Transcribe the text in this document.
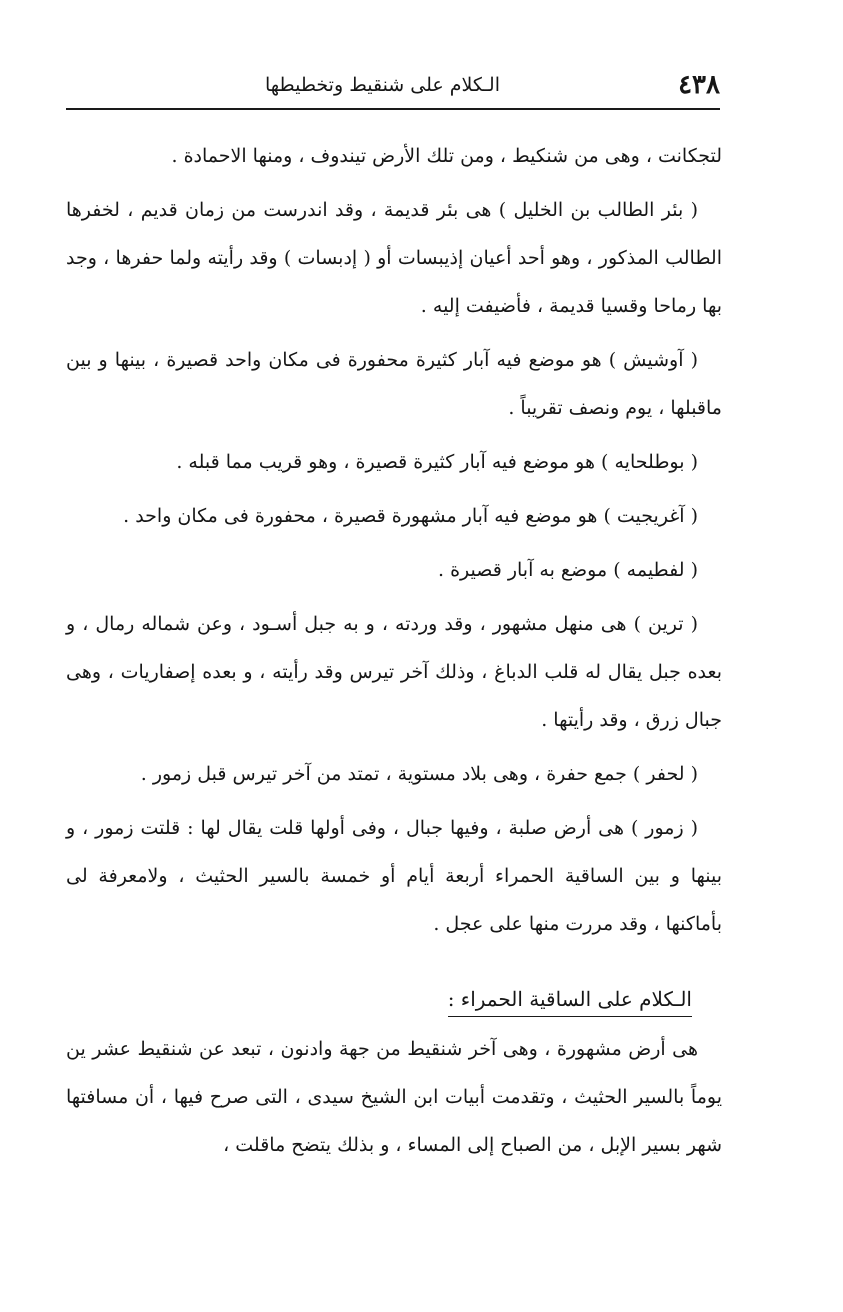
٤٣٨
الـكلام على شنقيط وتخطيطها

لتجكانت ، وهى من شنكيط ، ومن تلك الأرض تيندوف ، ومنها الاحمادة .

( بئر الطالب بن الخليل ) هى بئر قديمة ، وقد اندرست من زمان قديم ، لخفرها الطالب المذكور ، وهو أحد أعيان إذيبسات أو ( إدبسات ) وقد رأيته ولما حفرها ، وجد بها رماحا وقسيا قديمة ، فأضيفت إليه .

( آوشيش ) هو موضع فيه آبار كثيرة محفورة فى مكان واحد قصيرة ، بينها و بين ماقبلها ، يوم ونصف تقريباً .

( بوطلحايه ) هو موضع فيه آبار كثيرة قصيرة ، وهو قريب مما قبله .

( آغريجيت ) هو موضع فيه آبار مشهورة قصيرة ، محفورة فى مكان واحد .

( لفطيمه ) موضع به آبار قصيرة .

( ترين ) هى منهل مشهور ، وقد وردته ، و به جبل أسـود ، وعن شماله رمال ، و بعده جبل يقال له قلب الدباغ ، وذلك آخر تيرس وقد رأيته ، و بعده إصفاريات ، وهى جبال زرق ، وقد رأيتها .

( لحفر ) جمع حفرة ، وهى بلاد مستوية ، تمتد من آخر تيرس قبل زمور .

( زمور ) هى أرض صلبة ، وفيها جبال ، وفى أولها قلت يقال لها : قلتت زمور ، و بينها و بين الساقية الحمراء أربعة أيام أو خمسة بالسير الحثيث ، ولامعرفة لى بأماكنها ، وقد مررت منها على عجل .

الـكلام على الساقية الحمراء :

هى أرض مشهورة ، وهى آخر شنقيط من جهة وادنون ، تبعد عن شنقيط عشر ين يوماً بالسير الحثيث ، وتقدمت أبيات ابن الشيخ سيدى ، التى صرح فيها ، أن مسافتها شهر بسير الإبل ، من الصباح إلى المساء ، و بذلك يتضح ماقلت ،
